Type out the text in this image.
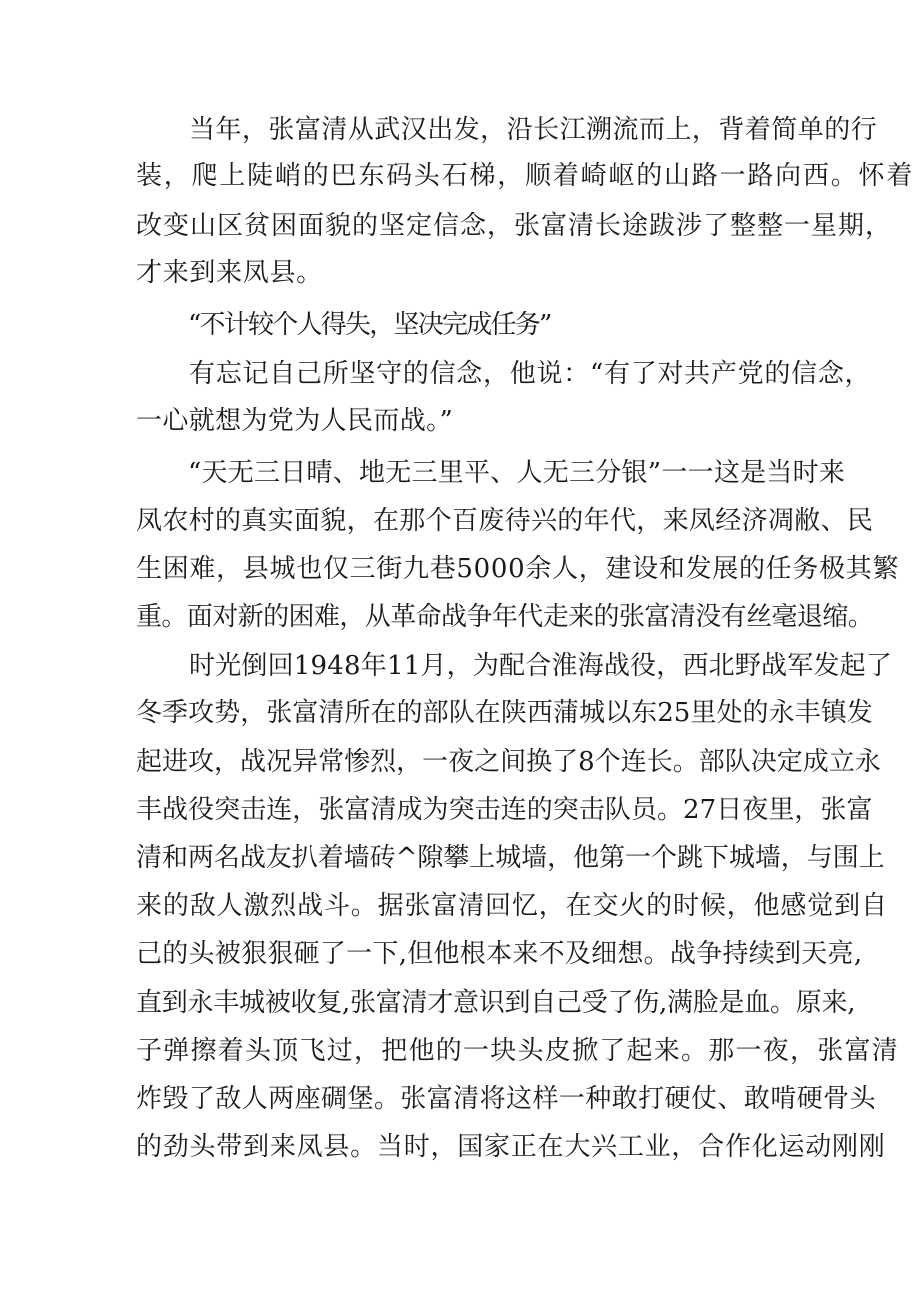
当年，张富清从武汉出发，沿长江溯流而上，背着简单的行

装，爬上陡峭的巴东码头石梯，顺着崎岖的山路一路向西。怀着

改变山区贫困面貌的坚定信念，张富清长途跋涉了整整一星期，

才来到来凤县。

“不计较个人得失，坚决完成任务”

有忘记自己所坚守的信念，他说：“有了对共产党的信念，

一心就想为党为人民而战。”

“天无三日晴、地无三里平、人无三分银”一一这是当时来

凤农村的真实面貌，在那个百废待兴的年代，来凤经济凋敝、民

生困难，县城也仅三街九巷5000余人，建设和发展的任务极其繁

重。面对新的困难，从革命战争年代走来的张富清没有丝毫退缩。

时光倒回1948年11月，为配合淮海战役，西北野战军发起了

冬季攻势，张富清所在的部队在陕西蒲城以东25里处的永丰镇发

起进攻，战况异常惨烈，一夜之间换了8个连长。部队决定成立永

丰战役突击连，张富清成为突击连的突击队员。27日夜里，张富

清和两名战友扒着墙砖^隙攀上城墙，他第一个跳下城墙，与围上

来的敌人激烈战斗。据张富清回忆，在交火的时候，他感觉到自

己的头被狠狠砸了一下,但他根本来不及细想。战争持续到天亮,

直到永丰城被收复,张富清才意识到自己受了伤,满脸是血。原来,

子弹擦着头顶飞过，把他的一块头皮掀了起来。那一夜，张富清

炸毁了敌人两座碉堡。张富清将这样一种敢打硬仗、敢啃硬骨头

的劲头带到来凤县。当时，国家正在大兴工业，合作化运动刚刚
